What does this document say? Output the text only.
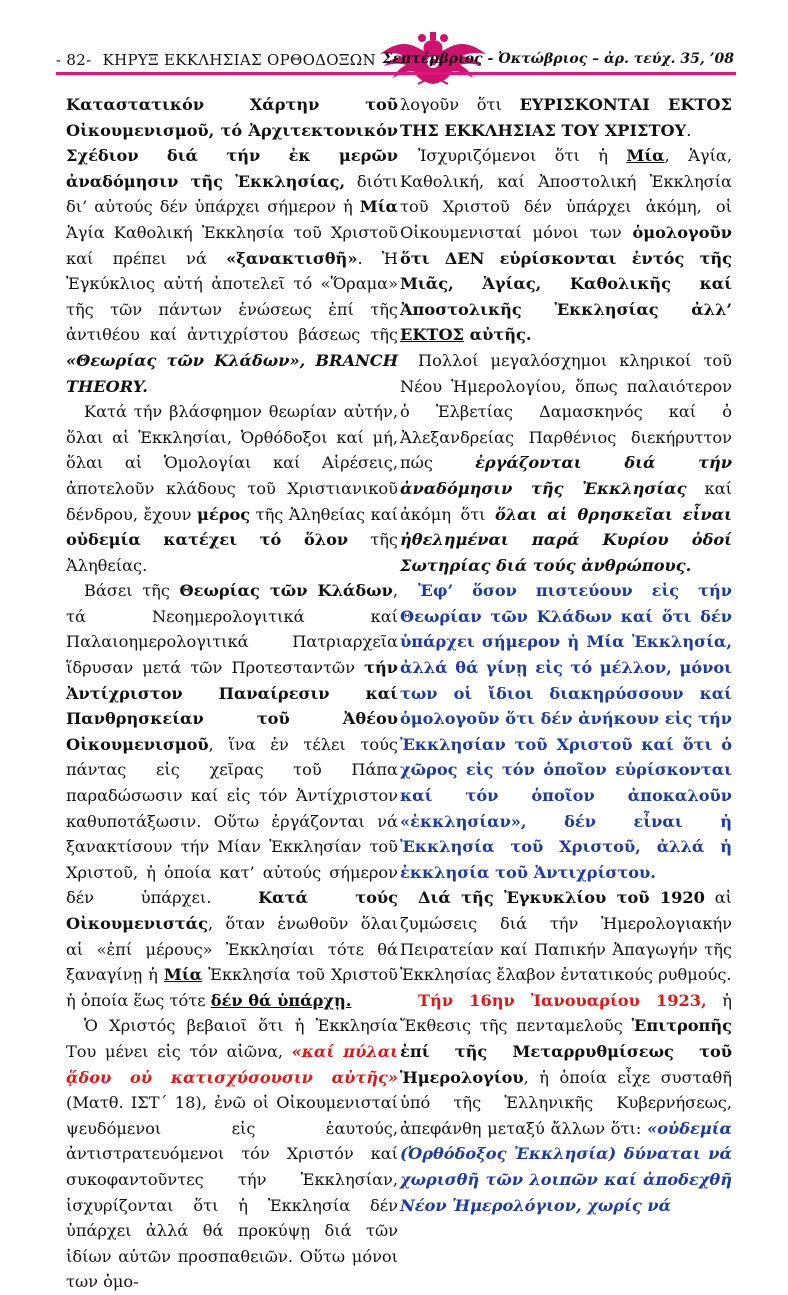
- 82- ΚΗΡΥΞ ΕΚΚΛΗΣΙΑΣ ΟΡΘΟΔΟΞΩΝ Σεπτέμβριος - Ὀκτώβριος – ἀρ. τεύχ. 35, ’08

Καταστατικόν Χάρτην τοῦ Οἰκουμενισμοῦ, τό Ἀρχιτεκτονικόν Σχέδιον διά τήν ἐκ μερῶν ἀναδόμησιν τῆς Ἐκκλησίας, διότι δι’ αὐτούς δέν ὑπάρχει σήμερον ἡ Μία Ἁγία Καθολική Ἐκκλησία τοῦ Χριστοῦ καί πρέπει νά «ξανακτισθῆ». Ἡ Ἐγκύκλιος αὐτή ἀποτελεῖ τό «Ὅραμα» τῆς τῶν πάντων ἑνώσεως ἐπί τῆς ἀντιθέου καί ἀντιχρίστου βάσεως τῆς «Θεωρίας τῶν Κλάδων», BRANCH THEORY.

Κατά τήν βλάσφημον θεωρίαν αὐτήν, ὅλαι αἱ Ἐκκλησίαι, Ὀρθόδοξοι καί μή, ὅλαι αἱ Ὁμολογίαι καί Αἱρέσεις, ἀποτελοῦν κλάδους τοῦ Χριστιανικοῦ δένδρου, ἔχουν μέρος τῆς Ἀληθείας καί οὐδεμία κατέχει τό ὅλον τῆς Ἀληθείας.

Βάσει τῆς Θεωρίας τῶν Κλάδων, τά Νεοημερολογιτικά καί Παλαιοημερολογιτικά Πατριαρχεῖα ἵδρυσαν μετά τῶν Προτεσταντῶν τήν Ἀντίχριστον Παναίρεσιν καί Πανθρησκείαν τοῦ Ἀθέου Οἰκουμενισμοῦ, ἵνα ἐν τέλει τούς πάντας εἰς χεῖρας τοῦ Πάπα παραδώσωσιν καί εἰς τόν Ἀντίχριστον καθυποτάξωσιν. Οὕτω ἐργάζονται νά ξανακτίσουν τήν Μίαν Ἐκκλησίαν τοῦ Χριστοῦ, ἡ ὁποία κατ’ αὐτούς σήμερον δέν ὑπάρχει. Κατά τούς Οἰκουμενιστάς, ὅταν ἑνωθοῦν ὅλαι αἱ «ἐπί μέρους» Ἐκκλησίαι τότε θά ξαναγίνῃ ἡ Μία Ἐκκλησία τοῦ Χριστοῦ ἡ ὁποία ἕως τότε δέν θά ὑπάρχῃ.

Ὁ Χριστός βεβαιοῖ ὅτι ἡ Ἐκκλησία Του μένει εἰς τόν αἰῶνα, «καί πύλαι ᾅδου οὐ κατισχύσουσιν αὐτῆς» (Ματθ. ΙΣΤ´ 18), ἐνῶ οἱ Οἰκουμενισταί ψευδόμενοι εἰς ἑαυτούς, ἀντιστρατευόμενοι τόν Χριστόν καί συκοφαντοῦντες τήν Ἐκκλησίαν, ἰσχυρίζονται ὅτι ἡ Ἐκκλησία δέν ὑπάρχει ἀλλά θά προκύψῃ διά τῶν ἰδίων αὐτῶν προσπαθειῶν. Οὕτω μόνοι των ὁμο-

λογοῦν ὅτι ΕΥΡΙΣΚΟΝΤΑΙ ΕΚΤΟΣ ΤΗΣ ΕΚΚΛΗΣΙΑΣ ΤΟΥ ΧΡΙΣΤΟΥ.

Ἰσχυριζόμενοι ὅτι ἡ Μία, Ἁγία, Καθολική, καί Ἀποστολική Ἐκκλησία τοῦ Χριστοῦ δέν ὑπάρχει ἀκόμη, οἱ Οἰκουμενισταί μόνοι των ὁμολογοῦν ὅτι ΔΕΝ εὑρίσκονται ἐντός τῆς Μιᾶς, Ἁγίας, Καθολικῆς καί Ἀποστολικῆς Ἐκκλησίας ἀλλ’ ΕΚΤΟΣ αὐτῆς.

Πολλοί μεγαλόσχημοι κληρικοί τοῦ Νέου Ἡμερολογίου, ὅπως παλαιότερον ὁ Ἐλβετίας Δαμασκηνός καί ὁ Ἀλεξανδρείας Παρθένιος διεκήρυττον πώς ἐργάζονται διά τήν ἀναδόμησιν τῆς Ἐκκλησίας καί ἀκόμη ὅτι ὅλαι αἱ θρησκεῖαι εἶναι ἠθελημέναι παρά Κυρίου ὁδοί Σωτηρίας διά τούς ἀνθρώπους.

Ἐφ’ ὅσον πιστεύουν εἰς τήν Θεωρίαν τῶν Κλάδων καί ὅτι δέν ὑπάρχει σήμερον ἡ Μία Ἐκκλησία, ἀλλά θά γίνῃ εἰς τό μέλλον, μόνοι των οἱ ἴδιοι διακηρύσσουν καί ὁμολογοῦν ὅτι δέν ἀνήκουν εἰς τήν Ἐκκλησίαν τοῦ Χριστοῦ καί ὅτι ὁ χῶρος εἰς τόν ὁποῖον εὑρίσκονται καί τόν ὁποῖον ἀποκαλοῦν «ἐκκλησίαν», δέν εἶναι ἡ Ἐκκλησία τοῦ Χριστοῦ, ἀλλά ἡ ἐκκλησία τοῦ Ἀντιχρίστου.

Διά τῆς Ἐγκυκλίου τοῦ 1920 αἱ ζυμώσεις διά τήν Ἡμερολογιακήν Πειρατείαν καί Παπικήν Ἀπαγωγήν τῆς Ἐκκλησίας ἔλαβον ἐντατικούς ρυθμούς.

Τήν 16ην Ἰανουαρίου 1923, ἡ Ἔκθεσις τῆς πενταμελοῦς Ἐπιτροπῆς ἐπί τῆς Μεταρρυθμίσεως τοῦ Ἡμερολογίου, ἡ ὁποία εἶχε συσταθῆ ὑπό τῆς Ἑλληνικῆς Κυβερνήσεως, ἀπεφάνθη μεταξύ ἄλλων ὅτι: «οὐδεμία (Ὀρθόδοξος Ἐκκλησία) δύναται νά χωρισθῆ τῶν λοιπῶν καί ἀποδεχθῆ Νέον Ἡμερολόγιον, χωρίς νά
